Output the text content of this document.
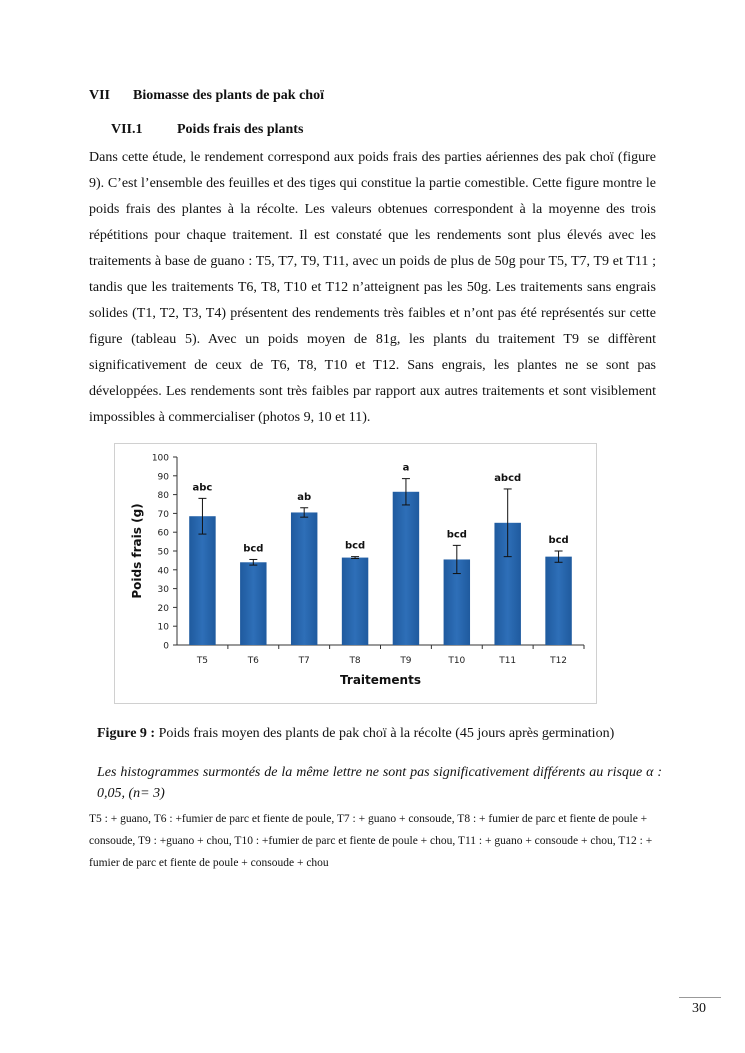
VII Biomasse des plants de pak choï
VII.1 Poids frais des plants

Dans cette étude, le rendement correspond aux poids frais des parties aériennes des pak choï (figure 9). C’est l’ensemble des feuilles et des tiges qui constitue la partie comestible. Cette figure montre le poids frais des plantes à la récolte. Les valeurs obtenues correspondent à la moyenne des trois répétitions pour chaque traitement. Il est constaté que les rendements sont plus élevés avec les traitements à base de guano : T5, T7, T9, T11, avec un poids de plus de 50g pour T5, T7, T9 et T11 ; tandis que les traitements T6, T8, T10 et T12 n’atteignent pas les 50g. Les traitements sans engrais solides (T1, T2, T3, T4) présentent des rendements très faibles et n’ont pas été représentés sur cette figure (tableau 5). Avec un poids moyen de 81g, les plants du traitement T9 se diffèrent significativement de ceux de T6, T8, T10 et T12. Sans engrais, les plantes ne se sont pas développées. Les rendements sont très faibles par rapport aux autres traitements et sont visiblement impossibles à commercialiser (photos 9, 10 et 11).

0
10
20
30
40
50
60
70
80
90
100
abc
T5
bcd
T6
ab
T7
bcd
T8
a
T9
bcd
T10
abcd
T11
bcd
T12
Traitements
Poids frais (g)
Figure 9 : Poids frais moyen des plants de pak choï à la récolte (45 jours après germination)

Les histogrammes surmontés de la même lettre ne sont pas significativement différents au risque α : 0,05, (n= 3)

T5 : + guano, T6 : +fumier de parc et fiente de poule, T7 : + guano + consoude, T8 : + fumier de parc et fiente de poule + consoude, T9 : +guano + chou, T10 : +fumier de parc et fiente de poule + chou, T11 : + guano + consoude + chou, T12 : + fumier de parc et fiente de poule + consoude + chou

30
